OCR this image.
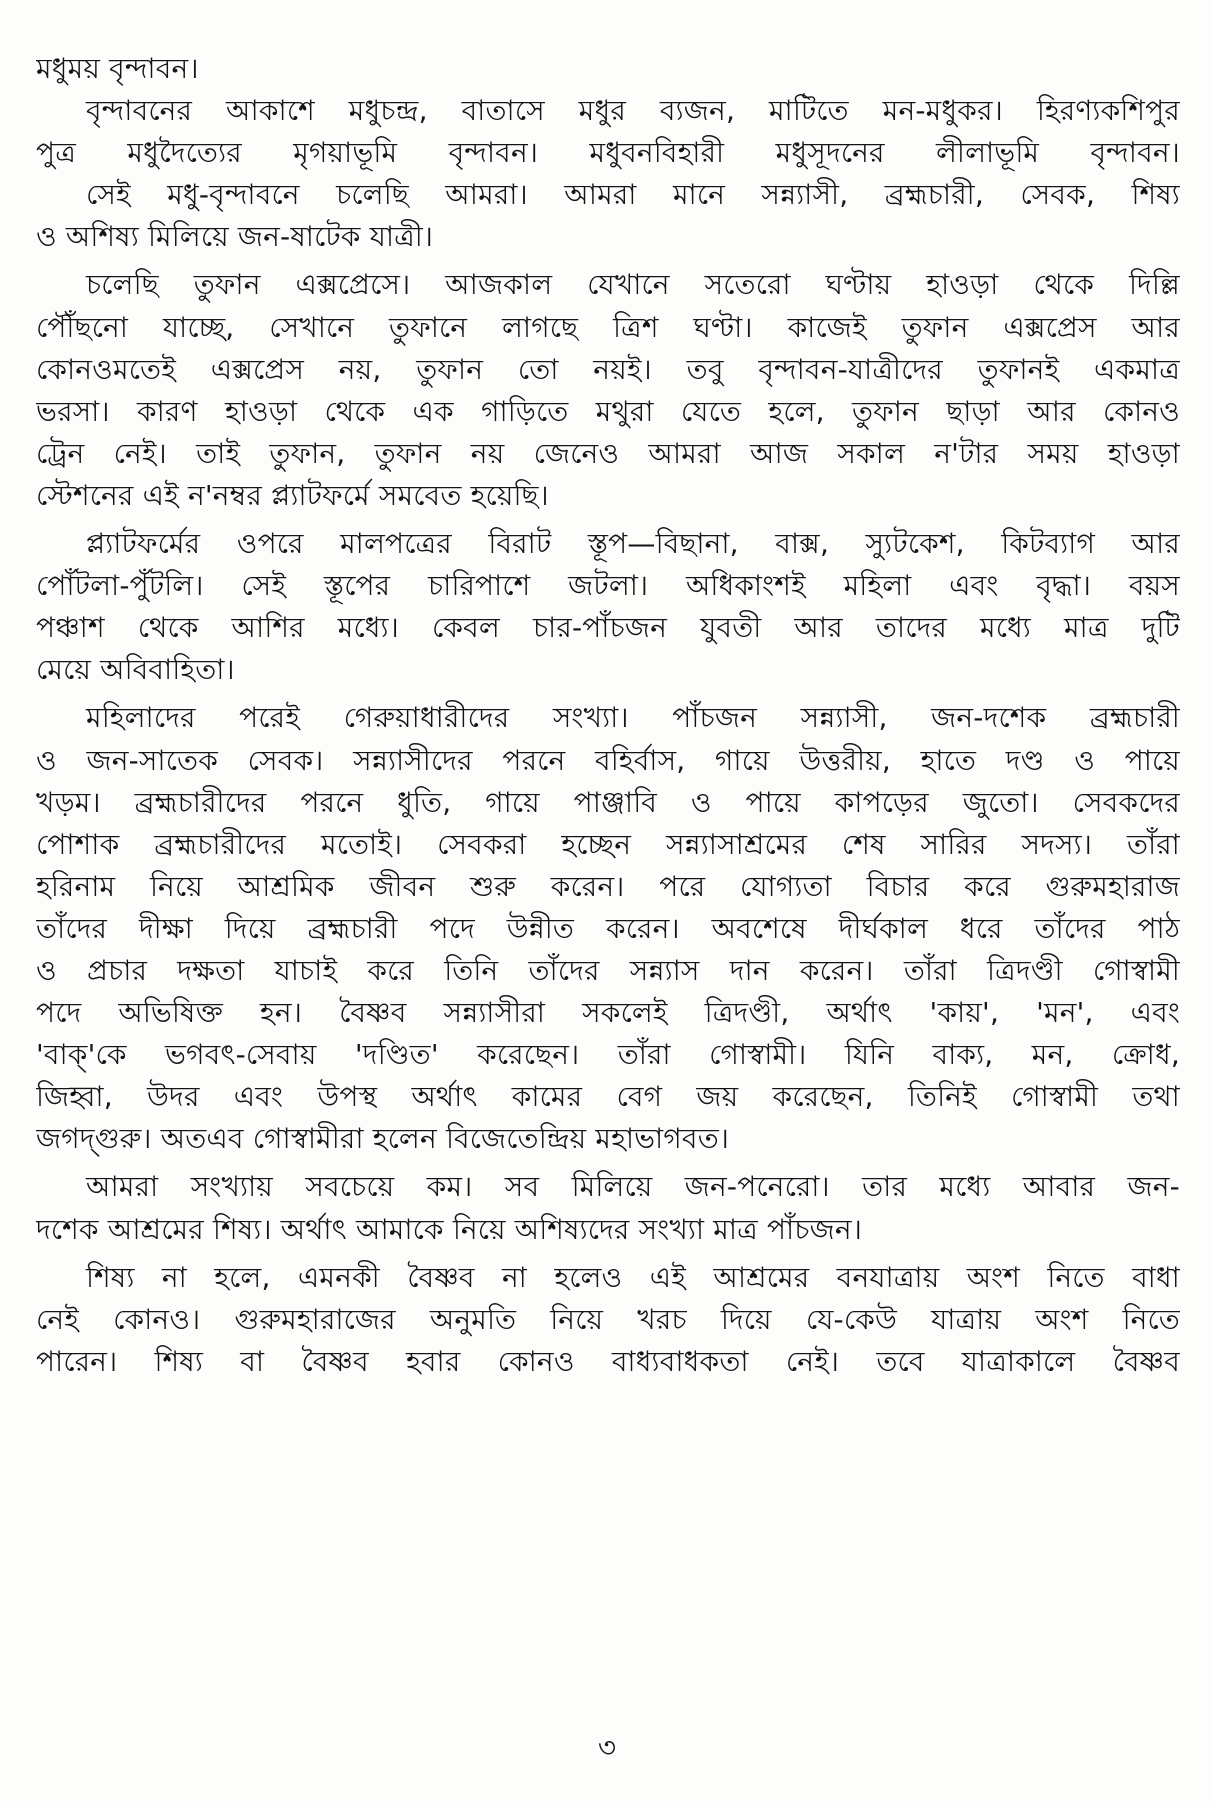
মধুময় বৃন্দাবন।
বৃন্দাবনের আকাশে মধুচন্দ্র, বাতাসে মধুর ব্যজন, মাটিতে মন-মধুকর। হিরণ্যকশিপুর
পুত্র মধুদৈত্যের মৃগয়াভূমি বৃন্দাবন। মধুবনবিহারী মধুসূদনের লীলাভূমি বৃন্দাবন।
সেই মধু-বৃন্দাবনে চলেছি আমরা। আমরা মানে সন্ন্যাসী, ব্রহ্মচারী, সেবক, শিষ্য
ও অশিষ্য মিলিয়ে জন-ষাটেক যাত্রী।
চলেছি তুফান এক্সপ্রেসে। আজকাল যেখানে সতেরো ঘণ্টায় হাওড়া থেকে দিল্লি
পৌঁছনো যাচ্ছে, সেখানে তুফানে লাগছে ত্রিশ ঘণ্টা। কাজেই তুফান এক্সপ্রেস আর
কোনওমতেই এক্সপ্রেস নয়, তুফান তো নয়ই। তবু বৃন্দাবন-যাত্রীদের তুফানই একমাত্র
ভরসা। কারণ হাওড়া থেকে এক গাড়িতে মথুরা যেতে হলে, তুফান ছাড়া আর কোনও
ট্রেন নেই। তাই তুফান, তুফান নয় জেনেও আমরা আজ সকাল ন'টার সময় হাওড়া
স্টেশনের এই ন'নম্বর প্ল্যাটফর্মে সমবেত হয়েছি।
প্ল্যাটফর্মের ওপরে মালপত্রের বিরাট স্তূপ—বিছানা, বাক্স, স্যুটকেশ, কিটব্যাগ আর
পোঁটলা-পুঁটলি। সেই স্তূপের চারিপাশে জটলা। অধিকাংশই মহিলা এবং বৃদ্ধা। বয়স
পঞ্চাশ থেকে আশির মধ্যে। কেবল চার-পাঁচজন যুবতী আর তাদের মধ্যে মাত্র দুটি
মেয়ে অবিবাহিতা।
মহিলাদের পরেই গেরুয়াধারীদের সংখ্যা। পাঁচজন সন্ন্যাসী, জন-দশেক ব্রহ্মচারী
ও জন-সাতেক সেবক। সন্ন্যাসীদের পরনে বহির্বাস, গায়ে উত্তরীয়, হাতে দণ্ড ও পায়ে
খড়ম। ব্রহ্মচারীদের পরনে ধুতি, গায়ে পাঞ্জাবি ও পায়ে কাপড়ের জুতো। সেবকদের
পোশাক ব্রহ্মচারীদের মতোই। সেবকরা হচ্ছেন সন্ন্যাসাশ্রমের শেষ সারির সদস্য। তাঁরা
হরিনাম নিয়ে আশ্রমিক জীবন শুরু করেন। পরে যোগ্যতা বিচার করে গুরুমহারাজ
তাঁদের দীক্ষা দিয়ে ব্রহ্মচারী পদে উন্নীত করেন। অবশেষে দীর্ঘকাল ধরে তাঁদের পাঠ
ও প্রচার দক্ষতা যাচাই করে তিনি তাঁদের সন্ন্যাস দান করেন। তাঁরা ত্রিদণ্ডী গোস্বামী
পদে অভিষিক্ত হন। বৈষ্ণব সন্ন্যাসীরা সকলেই ত্রিদণ্ডী, অর্থাৎ 'কায়', 'মন', এবং
'বাক্'কে ভগবৎ-সেবায় 'দণ্ডিত' করেছেন। তাঁরা গোস্বামী। যিনি বাক্য, মন, ক্রোধ,
জিহ্বা, উদর এবং উপস্থ অর্থাৎ কামের বেগ জয় করেছেন, তিনিই গোস্বামী তথা
জগদ্গুরু। অতএব গোস্বামীরা হলেন বিজেতেন্দ্রিয় মহাভাগবত।
আমরা সংখ্যায় সবচেয়ে কম। সব মিলিয়ে জন-পনেরো। তার মধ্যে আবার জন-
দশেক আশ্রমের শিষ্য। অর্থাৎ আমাকে নিয়ে অশিষ্যদের সংখ্যা মাত্র পাঁচজন।
শিষ্য না হলে, এমনকী বৈষ্ণব না হলেও এই আশ্রমের বনযাত্রায় অংশ নিতে বাধা
নেই কোনও। গুরুমহারাজের অনুমতি নিয়ে খরচ দিয়ে যে-কেউ যাত্রায় অংশ নিতে
পারেন। শিষ্য বা বৈষ্ণব হবার কোনও বাধ্যবাধকতা নেই। তবে যাত্রাকালে বৈষ্ণব
৩
